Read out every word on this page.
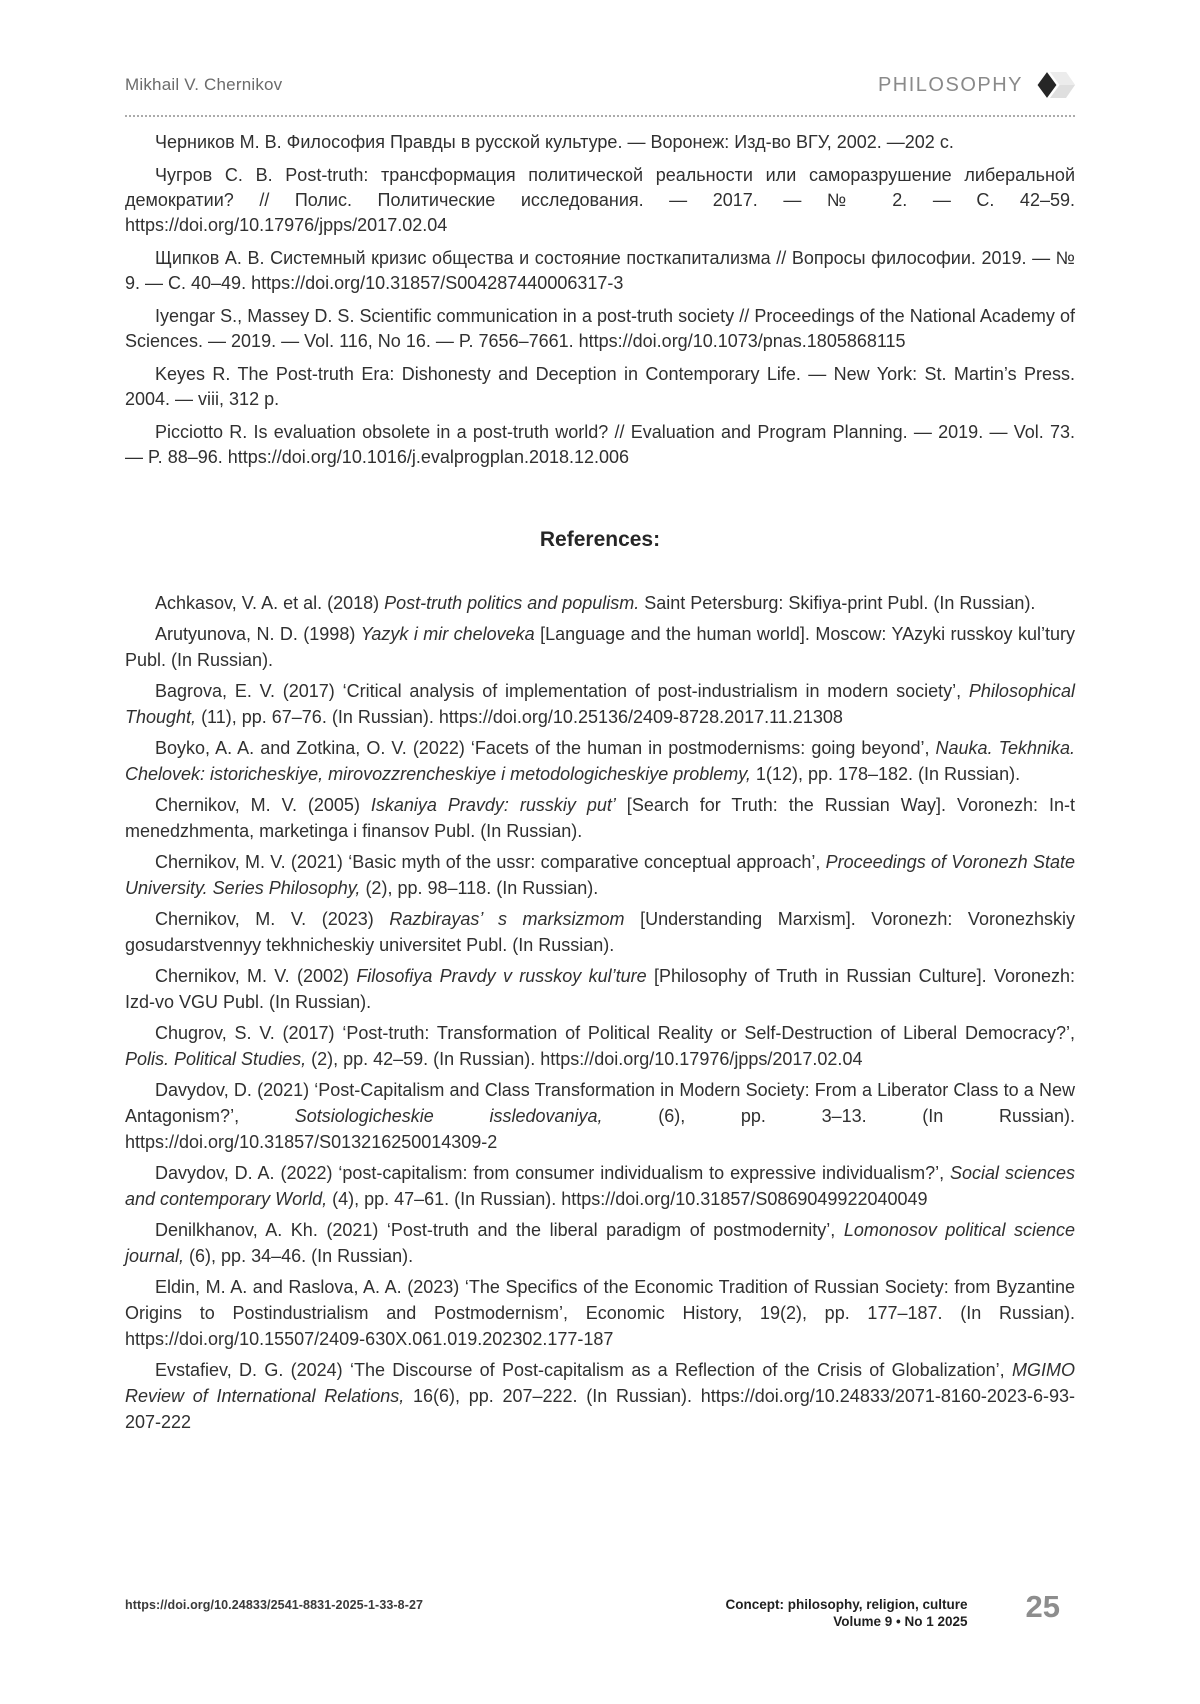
Mikhail V. Chernikov	PHILOSOPHY

Черников М. В. Философия Правды в русской культуре. — Воронеж: Изд-во ВГУ, 2002. —202 с.

Чугров С. В. Post-truth: трансформация политической реальности или саморазрушение либеральной демократии? // Полис. Политические исследования. — 2017. — № 2. — С. 42–59. https://doi.org/10.17976/jpps/2017.02.04

Щипков А. В. Системный кризис общества и состояние посткапитализма // Вопросы философии. 2019. — № 9. — С. 40–49. https://doi.org/10.31857/S004287440006317-3

Iyengar S., Massey D. S. Scientific communication in a post-truth society // Proceedings of the National Academy of Sciences. — 2019. — Vol. 116, No 16. — P. 7656–7661. https://doi.org/10.1073/pnas.1805868115

Keyes R. The Post-truth Era: Dishonesty and Deception in Contemporary Life. — New York: St. Martin’s Press. 2004. — viii, 312 p.

Picciotto R. Is evaluation obsolete in a post-truth world? // Evaluation and Program Planning. — 2019. — Vol. 73. — P. 88–96. https://doi.org/10.1016/j.evalprogplan.2018.12.006

References:

Achkasov, V. A. et al. (2018) Post-truth politics and populism. Saint Petersburg: Skifiya-print Publ. (In Russian).

Arutyunova, N. D. (1998) Yazyk i mir cheloveka [Language and the human world]. Moscow: YAzyki russkoy kul’tury Publ. (In Russian).

Bagrova, E. V. (2017) ‘Critical analysis of implementation of post-industrialism in modern society’, Philosophical Thought, (11), pp. 67–76. (In Russian). https://doi.org/10.25136/2409-8728.2017.11.21308

Boyko, A. A. and Zotkina, O. V. (2022) ‘Facets of the human in postmodernisms: going beyond’, Nauka. Tekhnika. Chelovek: istoricheskiye, mirovozzrencheskiye i metodologicheskiye problemy, 1(12), pp. 178–182. (In Russian).

Chernikov, M. V. (2005) Iskaniya Pravdy: russkiy put’ [Search for Truth: the Russian Way]. Voronezh: In-t menedzhmenta, marketinga i finansov Publ. (In Russian).

Chernikov, M. V. (2021) ‘Basic myth of the ussr: comparative conceptual approach’, Proceedings of Voronezh State University. Series Philosophy, (2), pp. 98–118. (In Russian).

Chernikov, M. V. (2023) Razbirayas’ s marksizmom [Understanding Marxism]. Voronezh: Voronezhskiy gosudarstvennyy tekhnicheskiy universitet Publ. (In Russian).

Chernikov, M. V. (2002) Filosofiya Pravdy v russkoy kul’ture [Philosophy of Truth in Russian Culture]. Voronezh: Izd-vo VGU Publ. (In Russian).

Chugrov, S. V. (2017) ‘Post-truth: Transformation of Political Reality or Self-Destruction of Liberal Democracy?’, Polis. Political Studies, (2), pp. 42–59. (In Russian). https://doi.org/10.17976/jpps/2017.02.04

Davydov, D. (2021) ‘Post-Capitalism and Class Transformation in Modern Society: From a Liberator Class to a New Antagonism?’, Sotsiologicheskie issledovaniya, (6), pp. 3–13. (In Russian). https://doi.org/10.31857/S013216250014309-2

Davydov, D. A. (2022) ‘post-capitalism: from consumer individualism to expressive individualism?’, Social sciences and contemporary World, (4), pp. 47–61. (In Russian). https://doi.org/10.31857/S0869049922040049

Denilkhanov, A. Kh. (2021) ‘Post-truth and the liberal paradigm of postmodernity’, Lomonosov political science journal, (6), pp. 34–46. (In Russian).

Eldin, M. A. and Raslova, A. A. (2023) ‘The Specifics of the Economic Tradition of Russian Society: from Byzantine Origins to Postindustrialism and Postmodernism’, Economic History, 19(2), pp. 177–187. (In Russian). https://doi.org/10.15507/2409-630X.061.019.202302.177-187

Evstafiev, D. G. (2024) ‘The Discourse of Post-capitalism as a Reflection of the Crisis of Globalization’, MGIMO Review of International Relations, 16(6), pp. 207–222. (In Russian). https://doi.org/10.24833/2071-8160-2023-6-93-207-222

https://doi.org/10.24833/2541-8831-2025-1-33-8-27	Concept: philosophy, religion, culture
Volume 9 • No 1 2025 25
